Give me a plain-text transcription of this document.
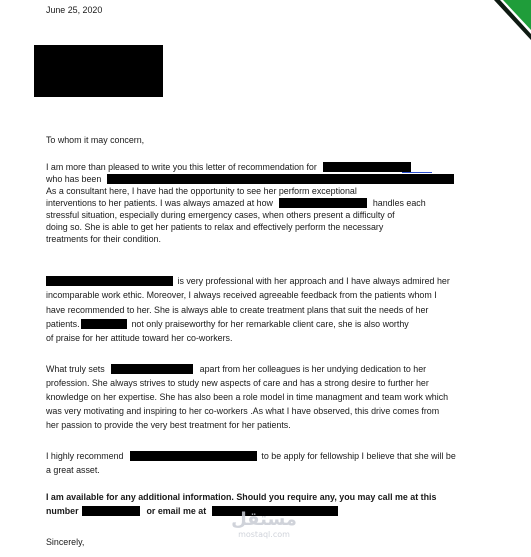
June 25, 2020
To whom it may concern,
I am more than pleased to write you this letter of recommendation for
who has been
As a consultant here, I have had the opportunity to see her perform exceptional
interventions to her patients. I was always amazed at how	handles each
stressful situation, especially during emergency cases, when others present a difficulty of
doing so. She is able to get her patients to relax and effectively perform the necessary
treatments for their condition.
is very professional with her approach and I have always admired her
incomparable work ethic. Moreover, I always received agreeable feedback from the patients whom I
have recommended to her. She is always able to create treatment plans that suit the needs of her
patients.	not only praiseworthy for her remarkable client care, she is also worthy
of praise for her attitude toward her co-workers.
What truly sets	apart from her colleagues is her undying dedication to her
profession. She always strives to study new aspects of care and has a strong desire to further her
knowledge on her expertise. She has also been a role model in time managment and team work which
was very motivating and inspiring to her co-workers .As what I have observed, this drive comes from
her passion to provide the very best treatment for her patients.
I highly recommend	to be apply for fellowship I believe that she will be
a great asset.
I am available for any additional information. Should you require any, you may call me at this
number	or email me at	مستقل
mostaql.com
Sincerely,
